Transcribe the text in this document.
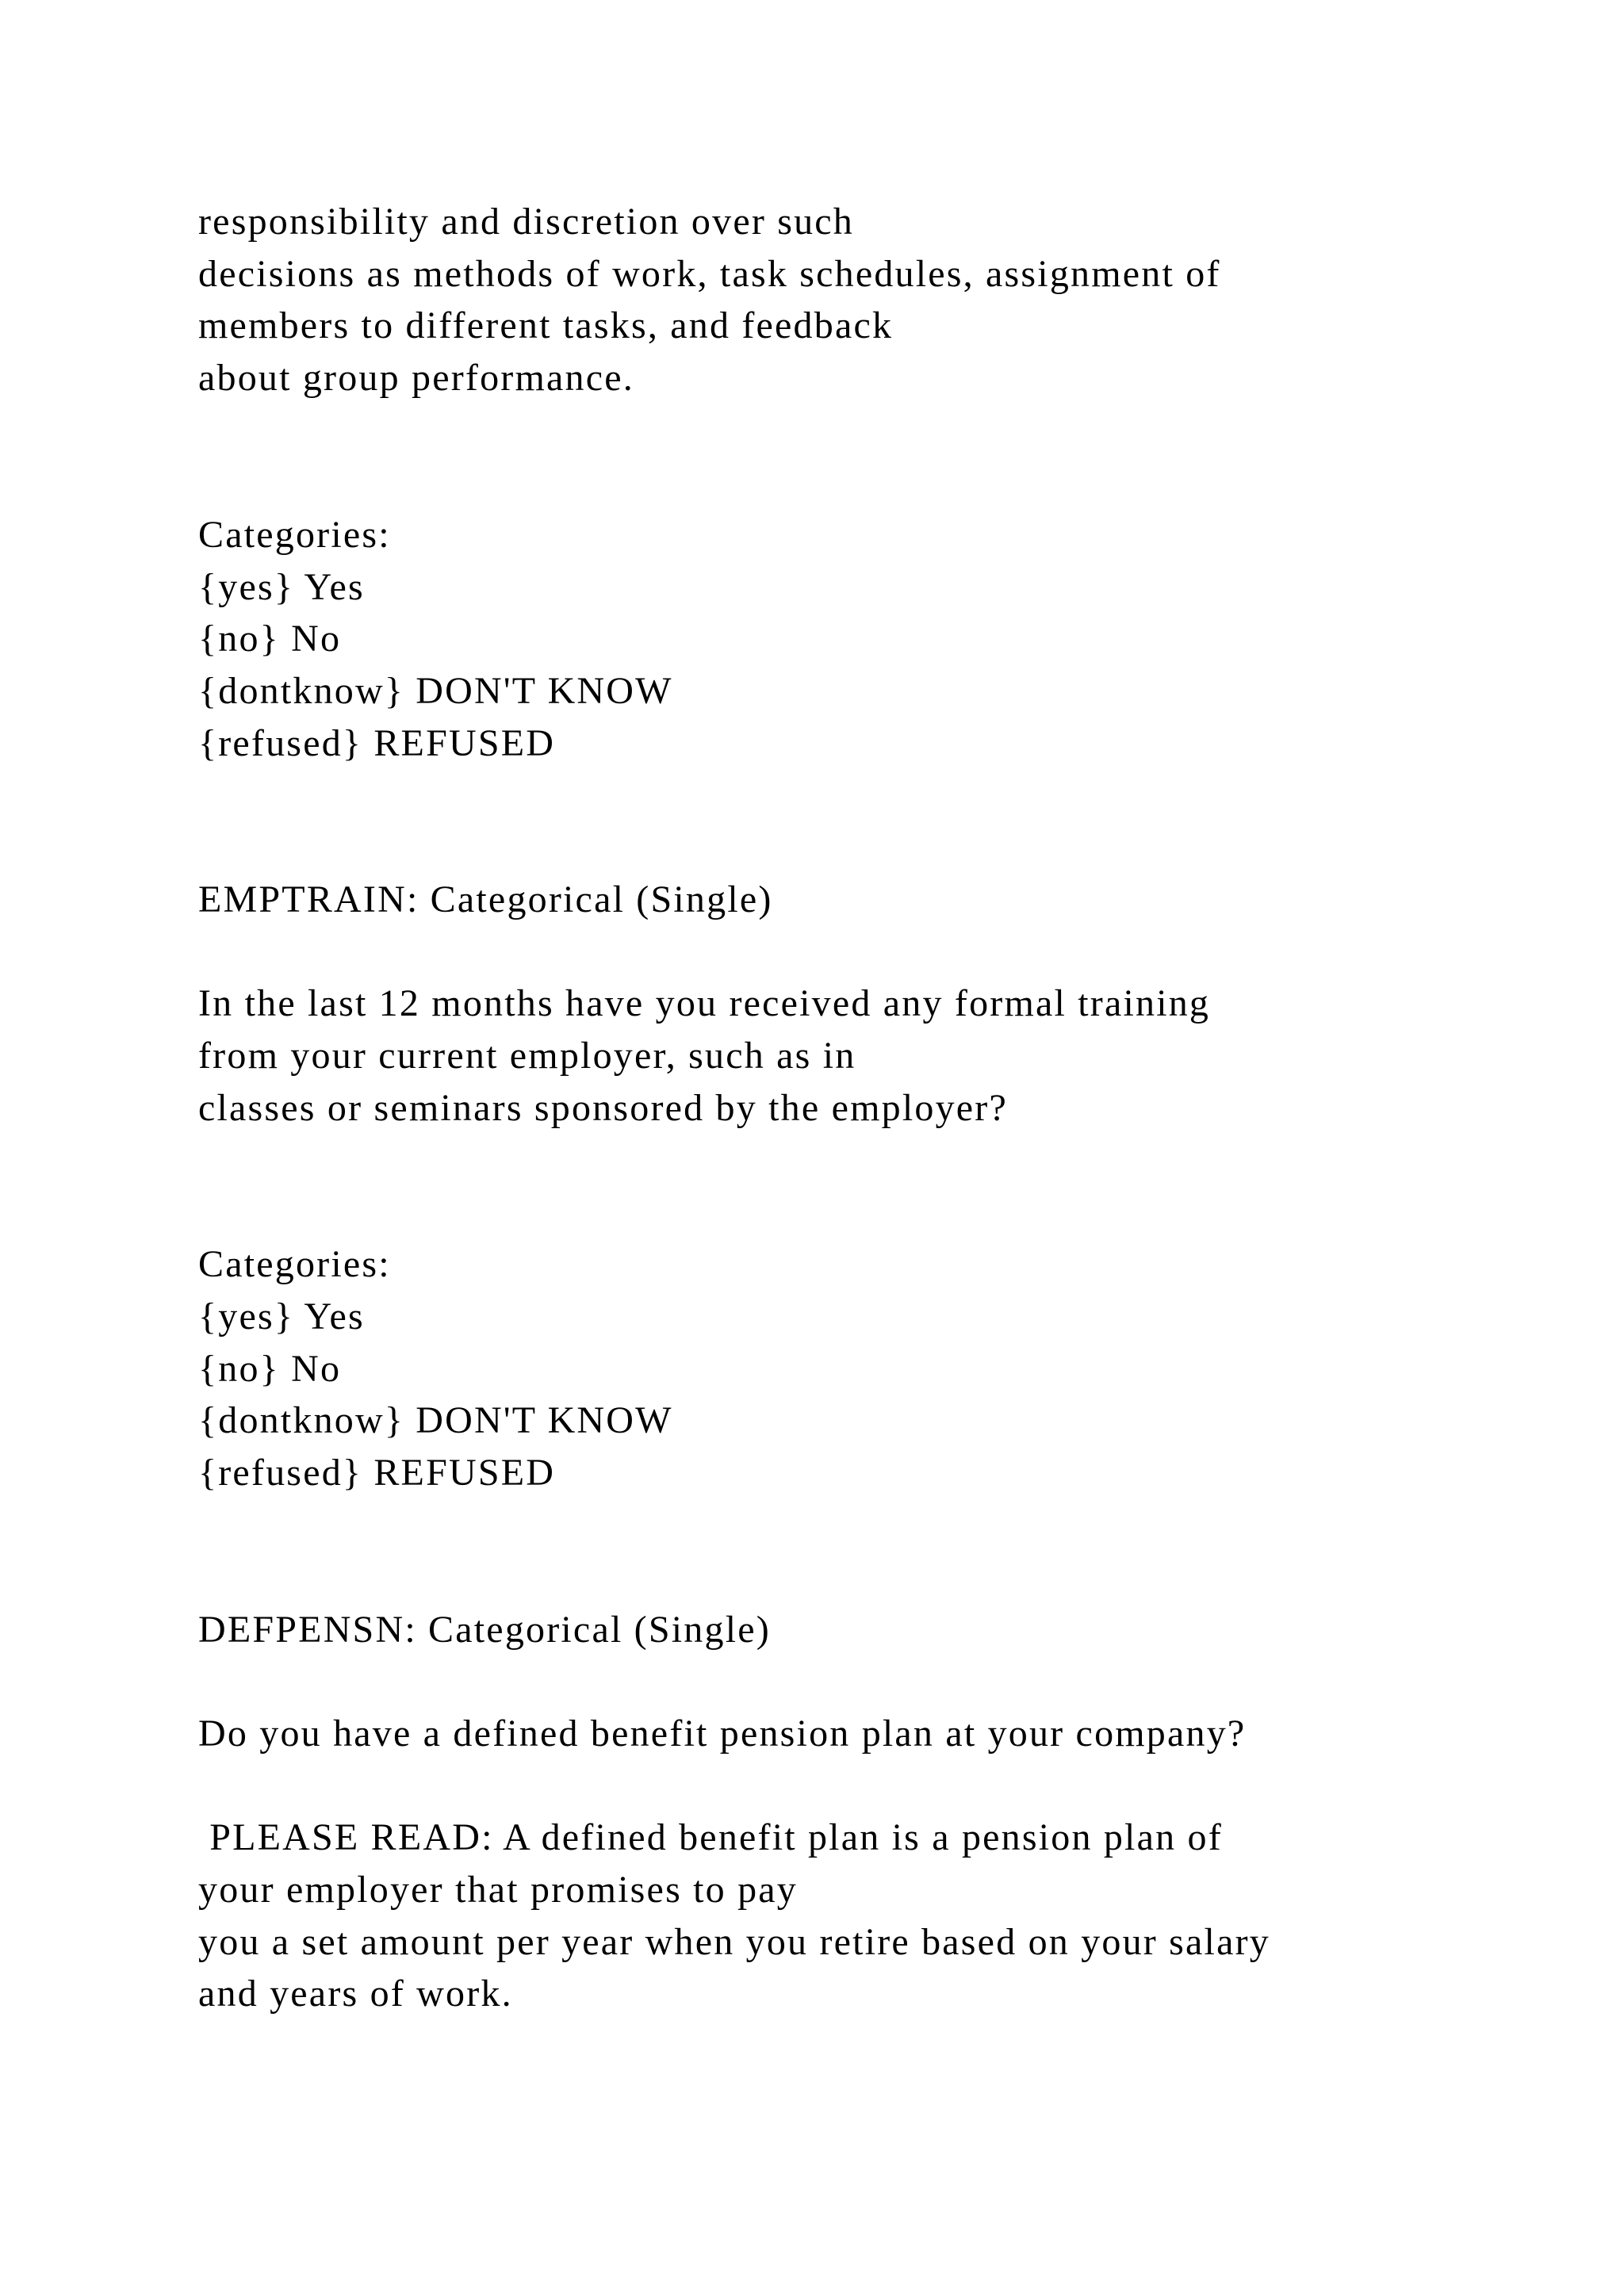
responsibility and discretion over such
decisions as methods of work, task schedules, assignment of
members to different tasks, and feedback
about group performance.
Categories:
{yes} Yes
{no} No
{dontknow} DON'T KNOW
{refused} REFUSED
EMPTRAIN: Categorical (Single)
In the last 12 months have you received any formal training
from your current employer, such as in
classes or seminars sponsored by the employer?
Categories:
{yes} Yes
{no} No
{dontknow} DON'T KNOW
{refused} REFUSED
DEFPENSN: Categorical (Single)
Do you have a defined benefit pension plan at your company?
PLEASE READ: A defined benefit plan is a pension plan of
your employer that promises to pay
you a set amount per year when you retire based on your salary
and years of work.
